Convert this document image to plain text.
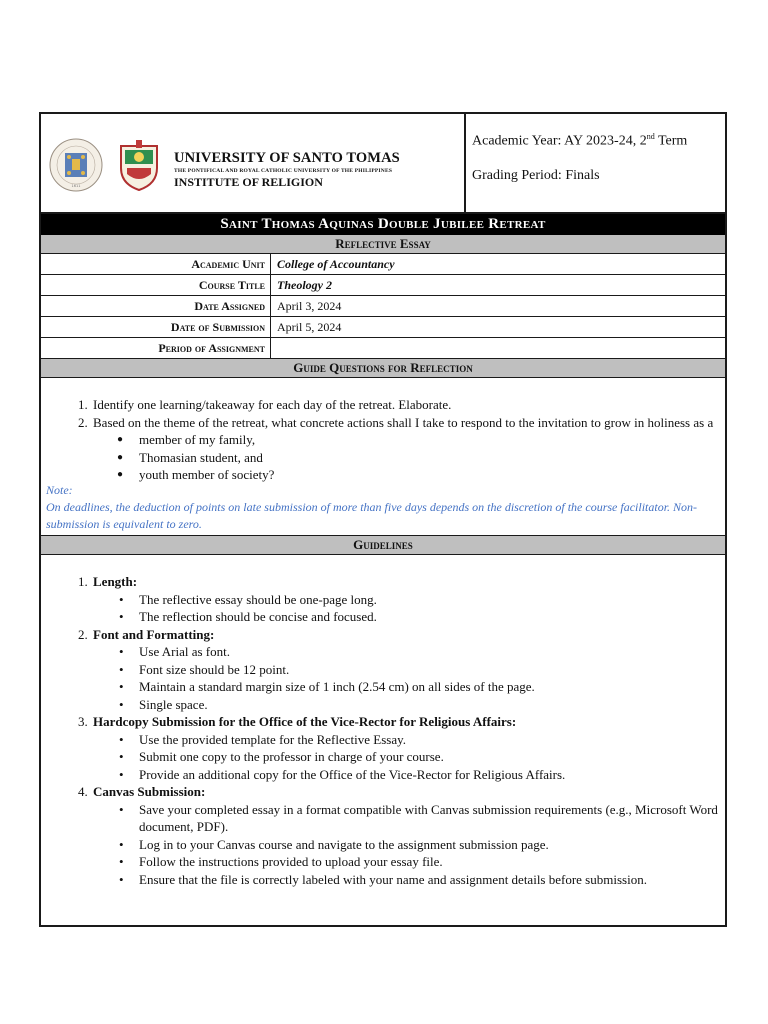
1611
UNIVERSITY OF SANTO TOMAS
THE PONTIFICAL AND ROYAL CATHOLIC UNIVERSITY OF THE PHILIPPINES
INSTITUTE OF RELIGION
Academic Year: AY 2023-24, 2nd Term
Grading Period: Finals
Saint Thomas Aquinas Double Jubilee Retreat
Reflective Essay
Academic Unit	College of Accountancy
Course Title	Theology 2
Date Assigned	April 3, 2024
Date of Submission	April 5, 2024
Period of Assignment
Guide Questions for Reflection
1. Identify one learning/takeaway for each day of the retreat. Elaborate.
2. Based on the theme of the retreat, what concrete actions shall I take to respond to the invitation to grow in holiness as a
● member of my family,
● Thomasian student, and
● youth member of society?
Note:
On deadlines, the deduction of points on late submission of more than five days depends on the discretion of the course facilitator. Non-submission is equivalent to zero.
Guidelines
1. Length:
• The reflective essay should be one-page long.
• The reflection should be concise and focused.
2. Font and Formatting:
• Use Arial as font.
• Font size should be 12 point.
• Maintain a standard margin size of 1 inch (2.54 cm) on all sides of the page.
• Single space.
3. Hardcopy Submission for the Office of the Vice-Rector for Religious Affairs:
• Use the provided template for the Reflective Essay.
• Submit one copy to the professor in charge of your course.
• Provide an additional copy for the Office of the Vice-Rector for Religious Affairs.
4. Canvas Submission:
• Save your completed essay in a format compatible with Canvas submission requirements (e.g., Microsoft Word document, PDF).
• Log in to your Canvas course and navigate to the assignment submission page.
• Follow the instructions provided to upload your essay file.
• Ensure that the file is correctly labeled with your name and assignment details before submission.
